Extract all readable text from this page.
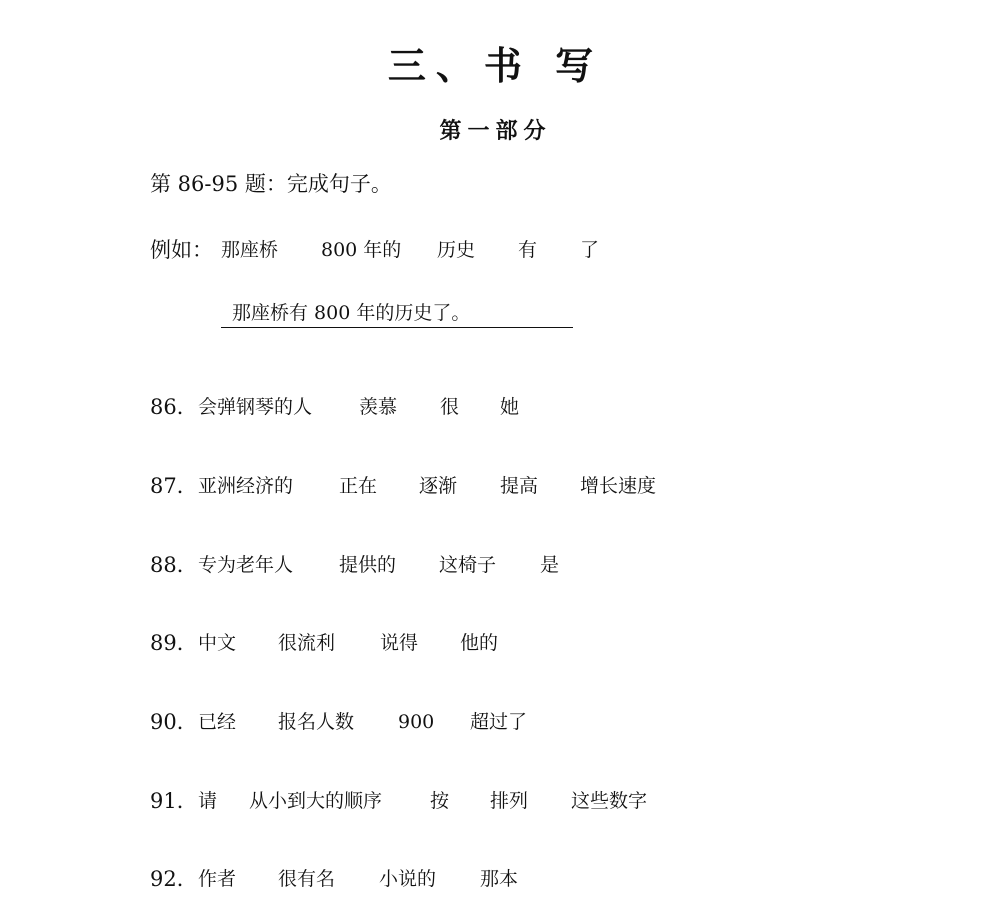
三、书 写
第一部分
第 86-95 题：完成句子。
例如： 那座桥 800 年的 历史 有 了
那座桥有 800 年的历史了。
86． 会弹钢琴的人 羡慕 很 她
87． 亚洲经济的 正在 逐渐 提高 增长速度
88． 专为老年人 提供的 这椅子 是
89． 中文 很流利 说得 他的
90． 已经 报名人数 900 超过了
91． 请 从小到大的顺序	按 排列 这些数字
92． 作者 很有名 小说的 那本
